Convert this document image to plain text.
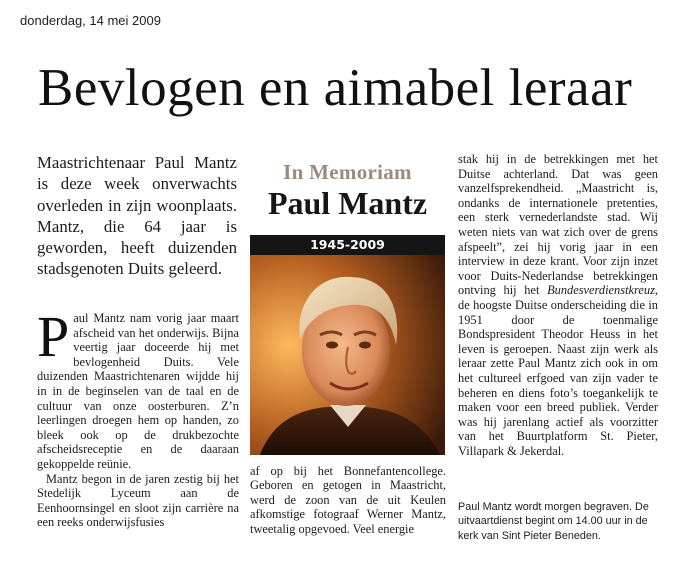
donderdag, 14 mei 2009
Bevlogen en aimabel leraar
Maastrichtenaar Paul Mantz is deze week onverwachts overleden in zijn woonplaats. Mantz, die 64 jaar is geworden, heeft duizenden stadsgenoten Duits geleerd.

Paul Mantz nam vorig jaar maart afscheid van het onderwijs. Bijna veertig jaar doceerde hij met bevlogenheid Duits. Vele duizenden Maastrichtenaren wijdde hij in in de beginselen van de taal en de cultuur van onze oosterburen. Z’n leerlingen droegen hem op handen, zo bleek ook op de drukbezochte afscheidsreceptie en de daaraan gekoppelde reünie.

Mantz begon in de jaren zestig bij het Stedelijk Lyceum aan de Eenhoornsingel en sloot zijn carrière na een reeks onderwijsfusies

In Memoriam
Paul Mantz
1945-2009
af op bij het Bonnefantencollege. Geboren en getogen in Maastricht, werd de zoon van de uit Keulen afkomstige fotograaf Werner Mantz, tweetalig opgevoed. Veel energie
stak hij in de betrekkingen met het Duitse achterland. Dat was geen vanzelfsprekendheid. „Maastricht is, ondanks de internationele pretenties, een sterk vernederlandste stad. Wij weten niets van wat zich over de grens afspeelt”, zei hij vorig jaar in een interview in deze krant. Voor zijn inzet voor Duits-Nederlandse betrekkingen ontving hij het Bundesverdienstkreuz, de hoogste Duitse onderscheiding die in 1951 door de toenmalige Bondspresident Theodor Heuss in het leven is geroepen. Naast zijn werk als leraar zette Paul Mantz zich ook in om het cultureel erfgoed van zijn vader te beheren en diens foto’s toegankelijk te maken voor een breed publiek. Verder was hij jarenlang actief als voorzitter van het Buurtplatform St. Pieter, Villapark & Jekerdal.
Paul Mantz wordt morgen begraven. De uitvaartdienst begint om 14.00 uur in de kerk van Sint Pieter Beneden.
